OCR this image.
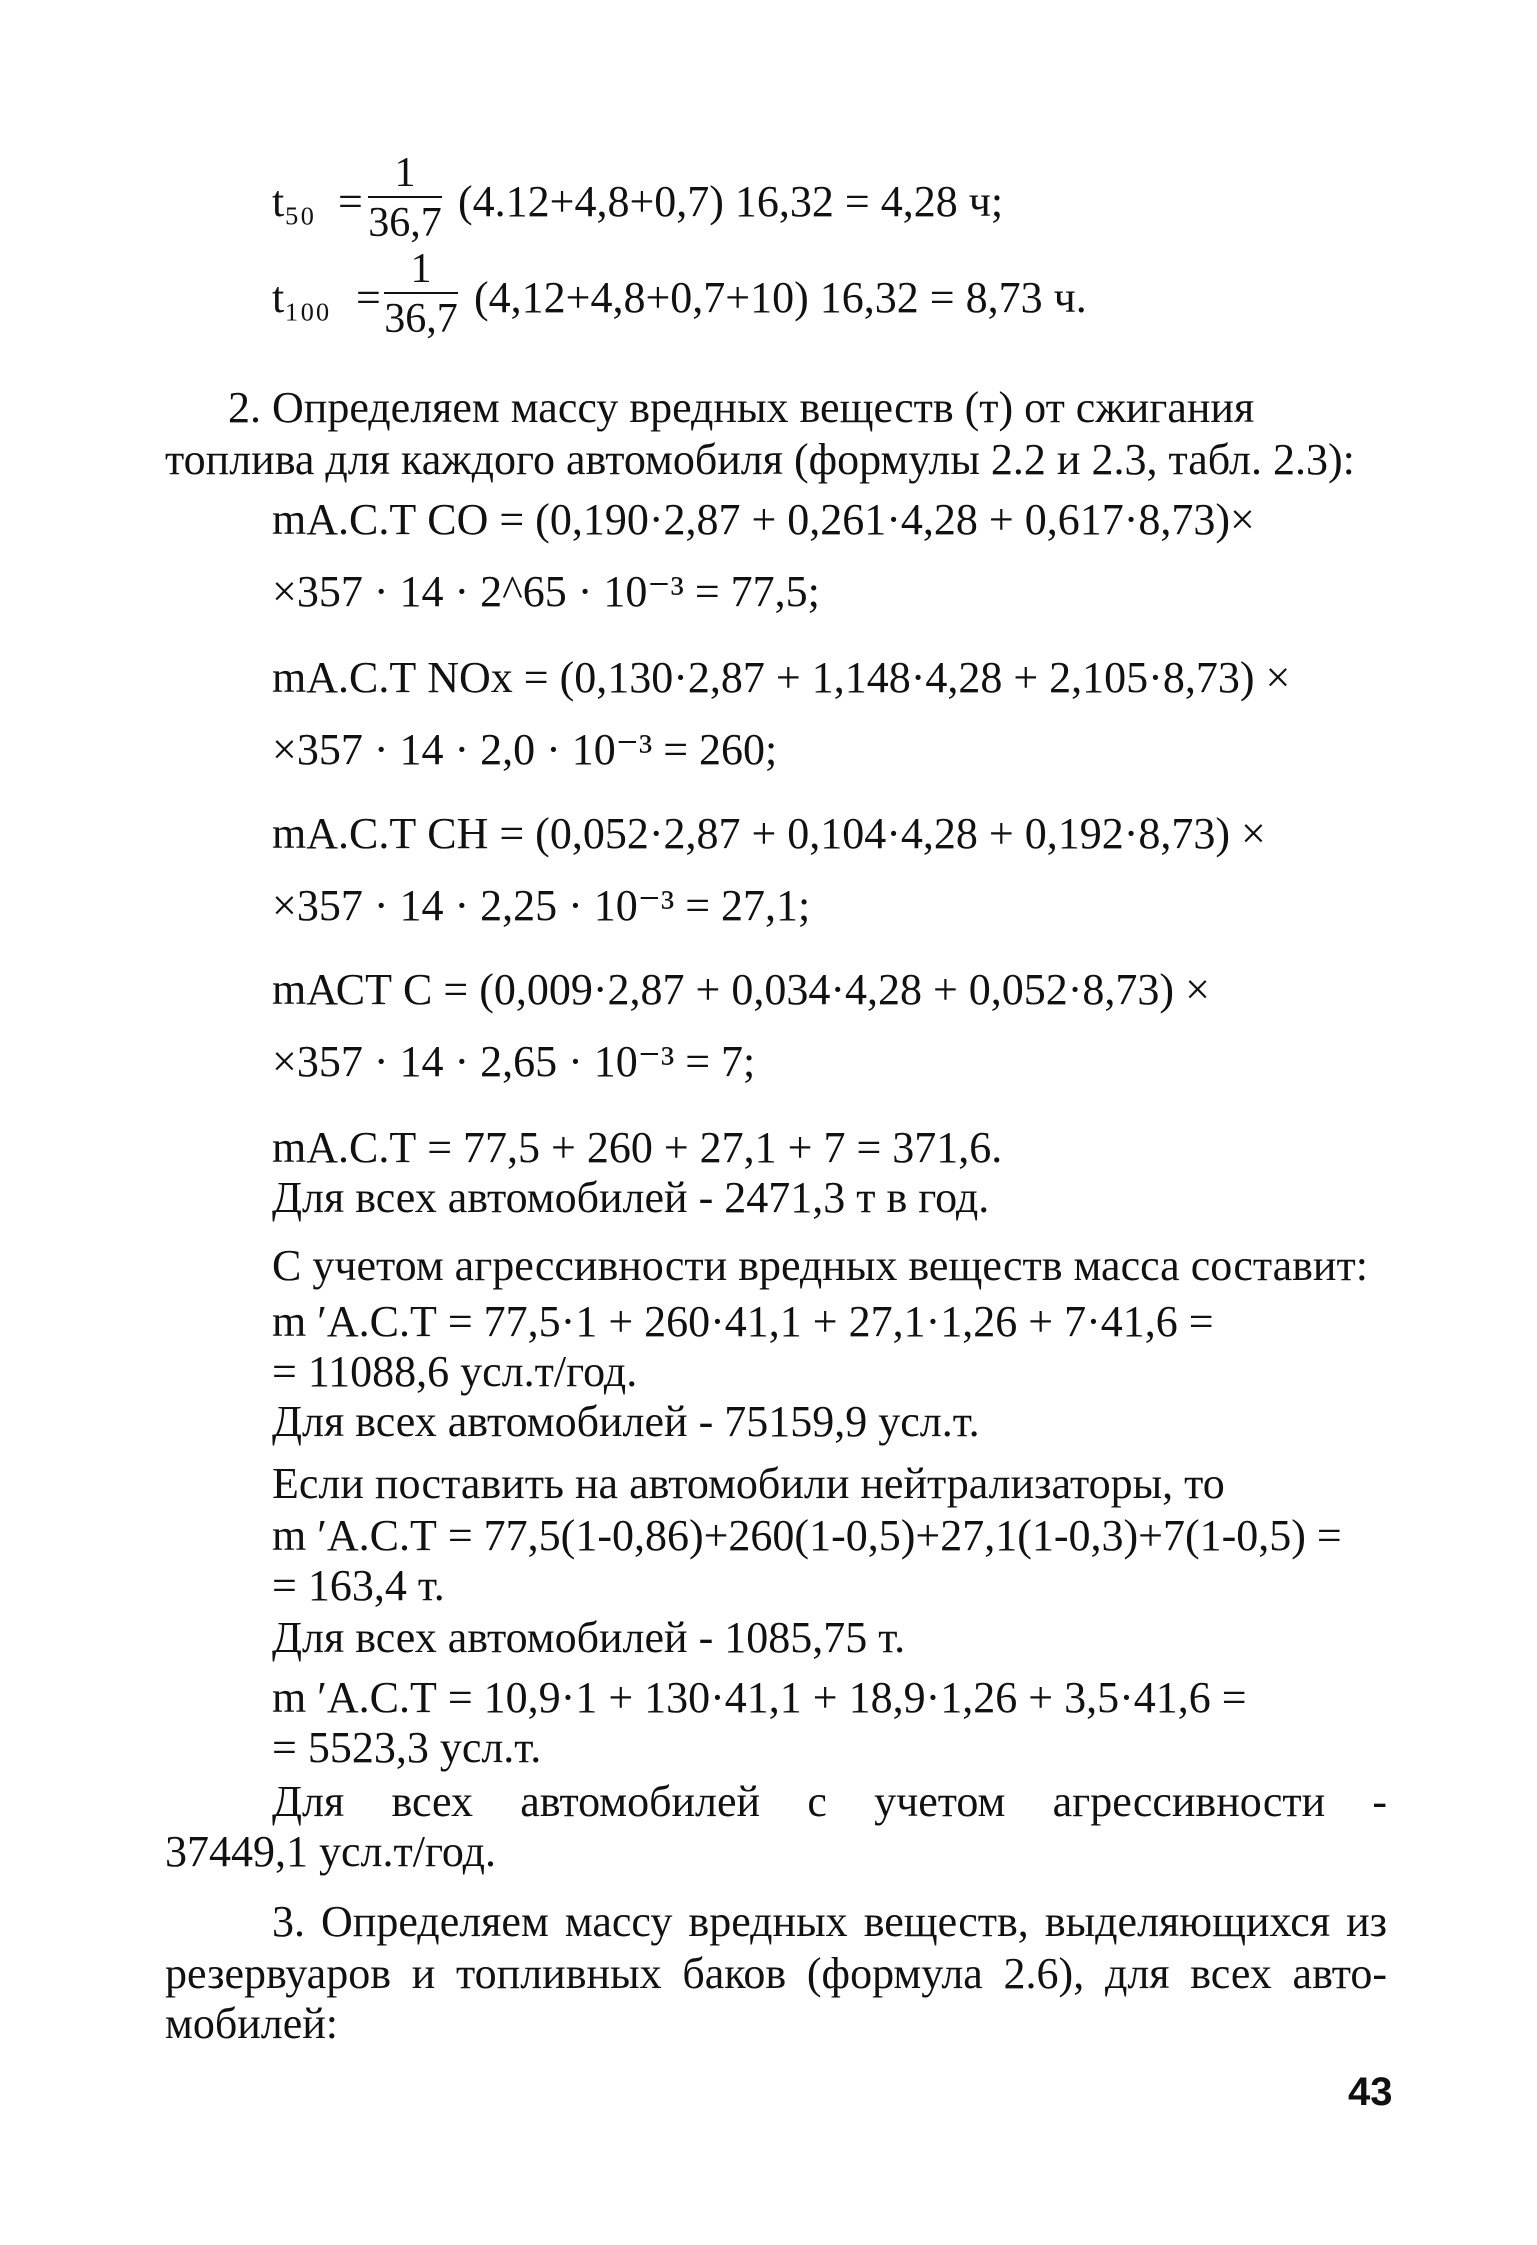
$t_{50} = \frac{1}{36,7} (4.12+4,8+0,7) 16,32 = 4,28$ ч;
$t_{100} = \frac{1}{36,7} (4,12+4,8+0,7+10) 16,32 = 8,73$ ч.
2. Определяем массу вредных веществ (т) от сжигания
топлива для каждого автомобиля (формулы 2.2 и 2.3, табл. 2.3):
mА.С.Т CO = (0,190·2,87 + 0,261·4,28 + 0,617·8,73)×
×357 · 14 · 2^65 · 10⁻³ = 77,5;
mА.С.Т NOx = (0,130·2,87 + 1,148·4,28 + 2,105·8,73) ×
×357 · 14 · 2,0 · 10⁻³ = 260;
mА.С.Т CH = (0,052·2,87 + 0,104·4,28 + 0,192·8,73) ×
×357 · 14 · 2,25 · 10⁻³ = 27,1;
mАСТ C = (0,009·2,87 + 0,034·4,28 + 0,052·8,73) ×
×357 · 14 · 2,65 · 10⁻³ = 7;
mА.С.Т = 77,5 + 260 + 27,1 + 7 = 371,6.
Для всех автомобилей - 2471,3 т в год.
С учетом агрессивности вредных веществ масса составит:
m ′А.С.Т = 77,5·1 + 260·41,1 + 27,1·1,26 + 7·41,6 =
= 11088,6 усл.т/год.
Для всех автомобилей - 75159,9 усл.т.
Если поставить на автомобили нейтрализаторы, то
m ′А.С.Т = 77,5(1-0,86)+260(1-0,5)+27,1(1-0,3)+7(1-0,5) =
= 163,4 т.
Для всех автомобилей - 1085,75 т.
m ′А.С.Т = 10,9·1 + 130·41,1 + 18,9·1,26 + 3,5·41,6 =
= 5523,3 усл.т.
Для всех автомобилей с учетом агрессивности -
37449,1 усл.т/год.
3. Определяем массу вредных веществ, выделяющихся из
резервуаров и топливных баков (формула 2.6), для всех авто-
мобилей:
43
